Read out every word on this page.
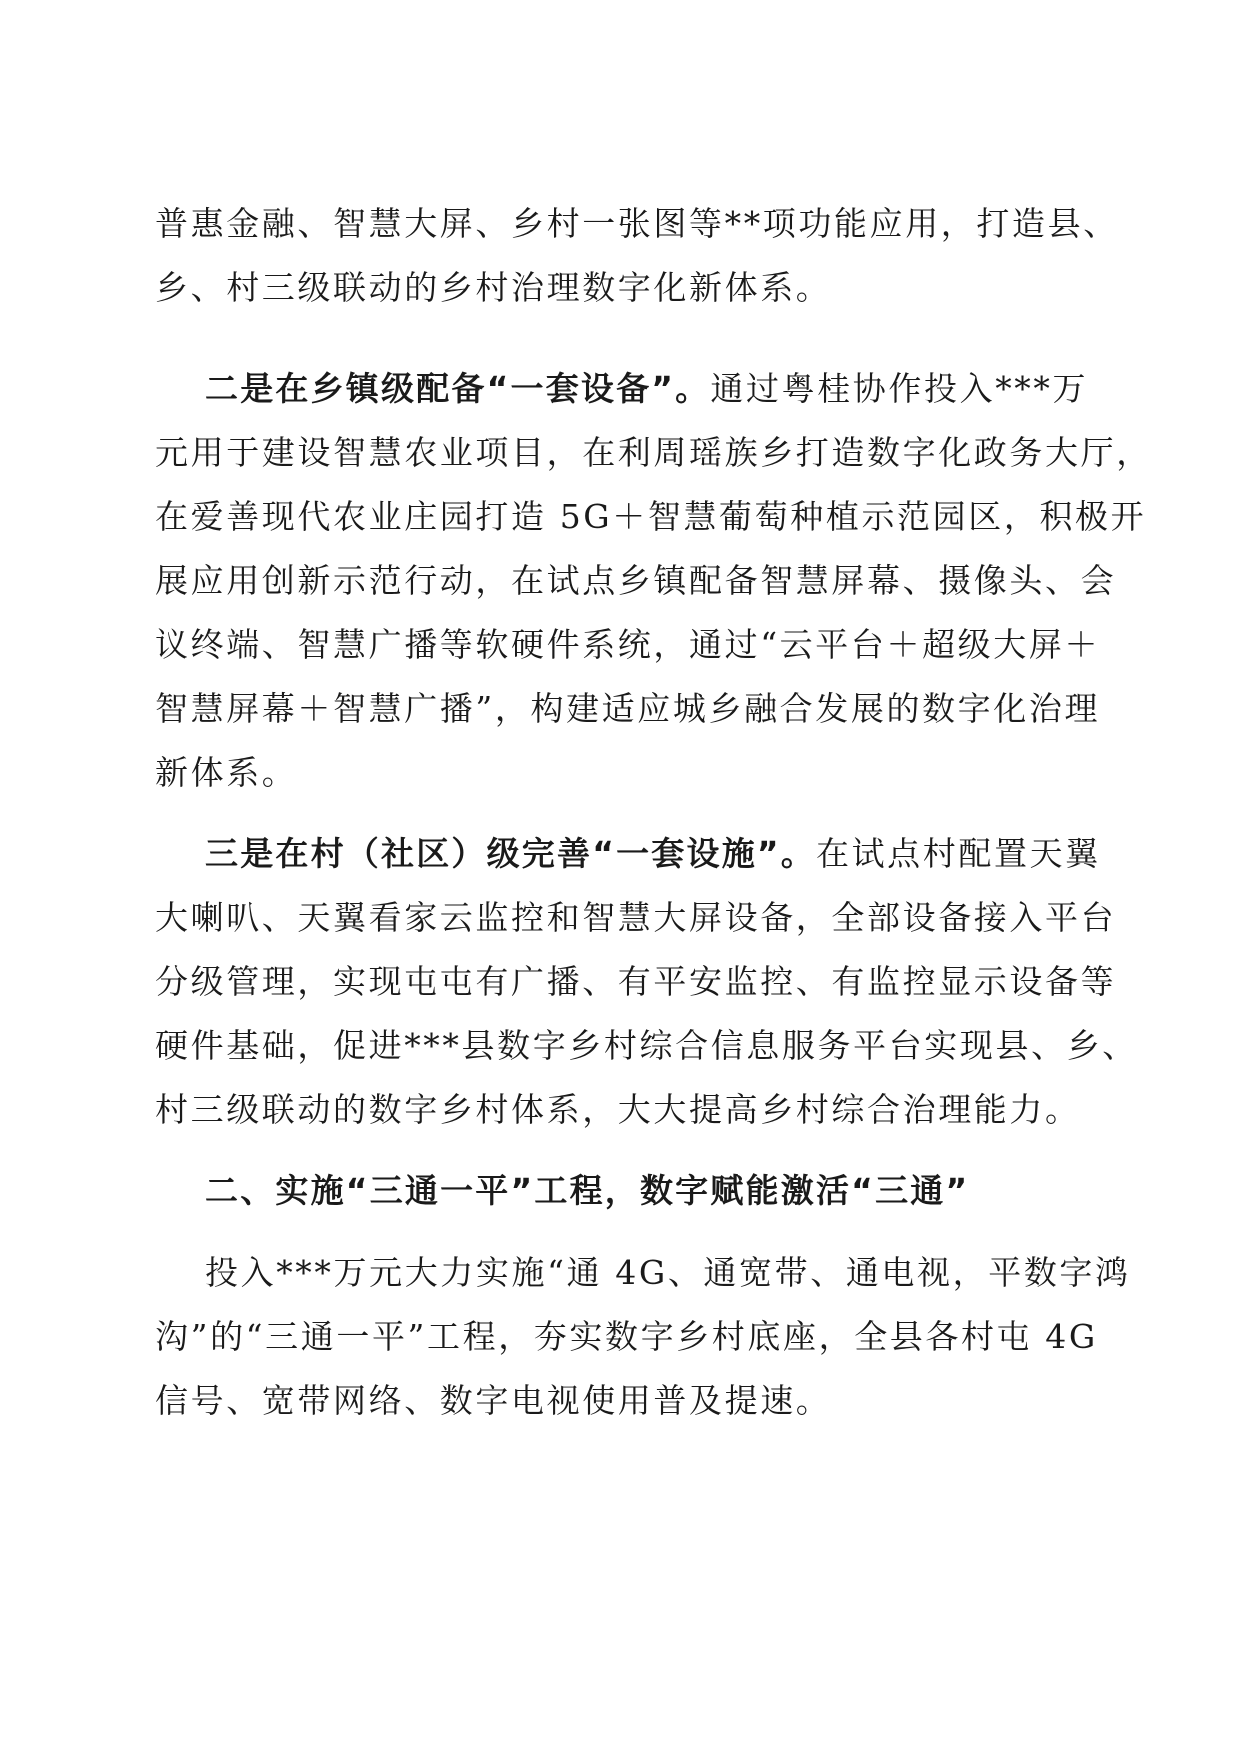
普惠金融、智慧大屏、乡村一张图等**项功能应用，打造县、
乡、村三级联动的乡村治理数字化新体系。
二是在乡镇级配备“一套设备”。通过粤桂协作投入***万
元用于建设智慧农业项目，在利周瑶族乡打造数字化政务大厅，
在爱善现代农业庄园打造 5G＋智慧葡萄种植示范园区，积极开
展应用创新示范行动，在试点乡镇配备智慧屏幕、摄像头、会
议终端、智慧广播等软硬件系统，通过“云平台＋超级大屏＋
智慧屏幕＋智慧广播”，构建适应城乡融合发展的数字化治理
新体系。
三是在村（社区）级完善“一套设施”。在试点村配置天翼
大喇叭、天翼看家云监控和智慧大屏设备，全部设备接入平台
分级管理，实现屯屯有广播、有平安监控、有监控显示设备等
硬件基础，促进***县数字乡村综合信息服务平台实现县、乡、
村三级联动的数字乡村体系，大大提高乡村综合治理能力。
二、实施“三通一平”工程，数字赋能激活“三通”
投入***万元大力实施“通 4G、通宽带、通电视，平数字鸿
沟”的“三通一平”工程，夯实数字乡村底座，全县各村屯 4G
信号、宽带网络、数字电视使用普及提速。
